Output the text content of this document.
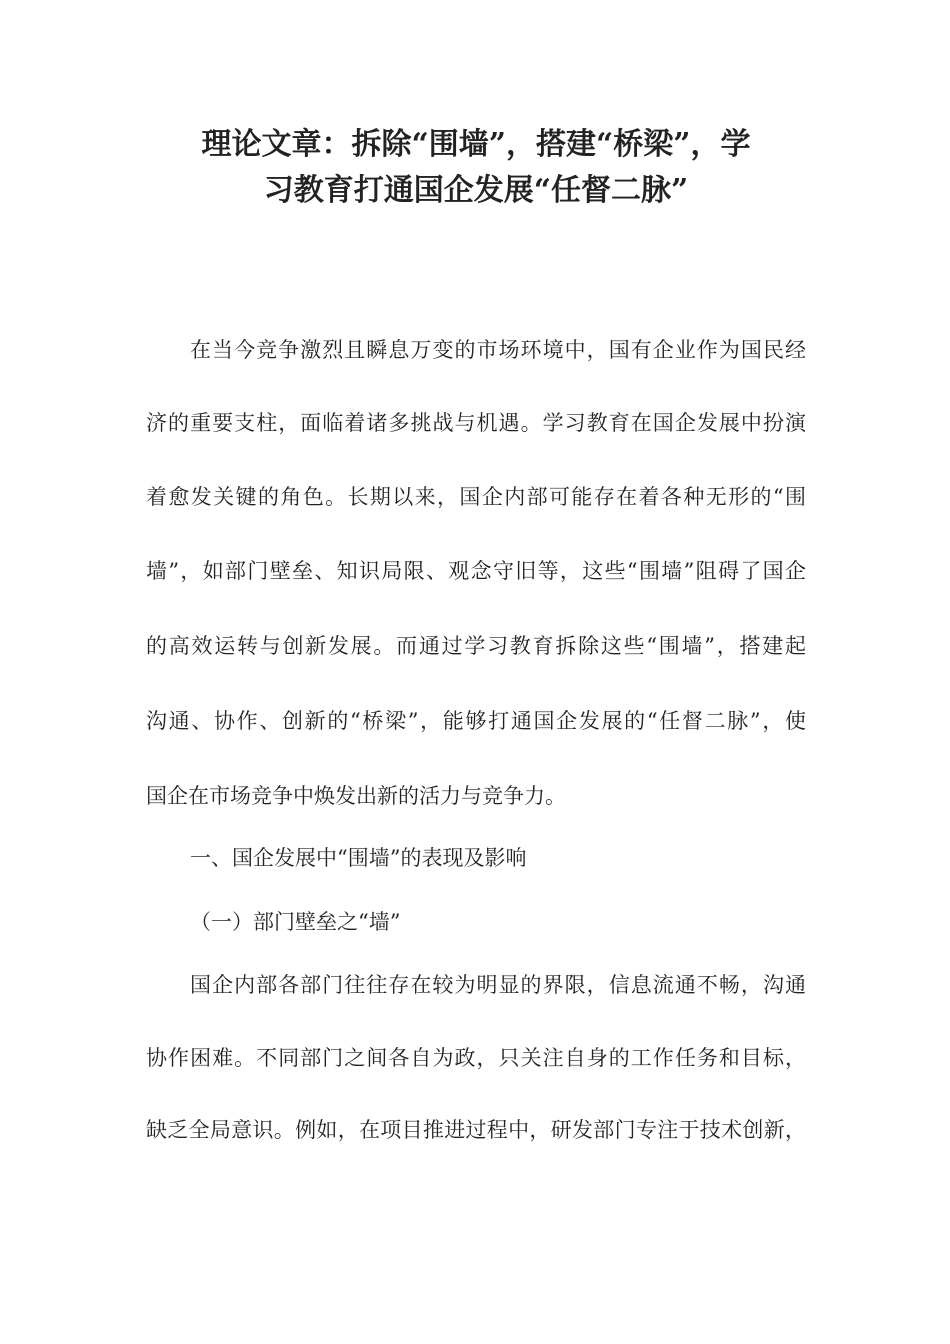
理论文章：拆除“围墙”，搭建“桥梁”，学
习教育打通国企发展“任督二脉”
在当今竞争激烈且瞬息万变的市场环境中，国有企业作为国民经
济的重要支柱，面临着诸多挑战与机遇。学习教育在国企发展中扮演
着愈发关键的角色。长期以来，国企内部可能存在着各种无形的“围
墙”，如部门壁垒、知识局限、观念守旧等，这些“围墙”阻碍了国企
的高效运转与创新发展。而通过学习教育拆除这些“围墙”，搭建起
沟通、协作、创新的“桥梁”，能够打通国企发展的“任督二脉”，使
国企在市场竞争中焕发出新的活力与竞争力。
一、国企发展中“围墙”的表现及影响
（一）部门壁垒之“墙”
国企内部各部门往往存在较为明显的界限，信息流通不畅，沟通
协作困难。不同部门之间各自为政，只关注自身的工作任务和目标，
缺乏全局意识。例如，在项目推进过程中，研发部门专注于技术创新，
